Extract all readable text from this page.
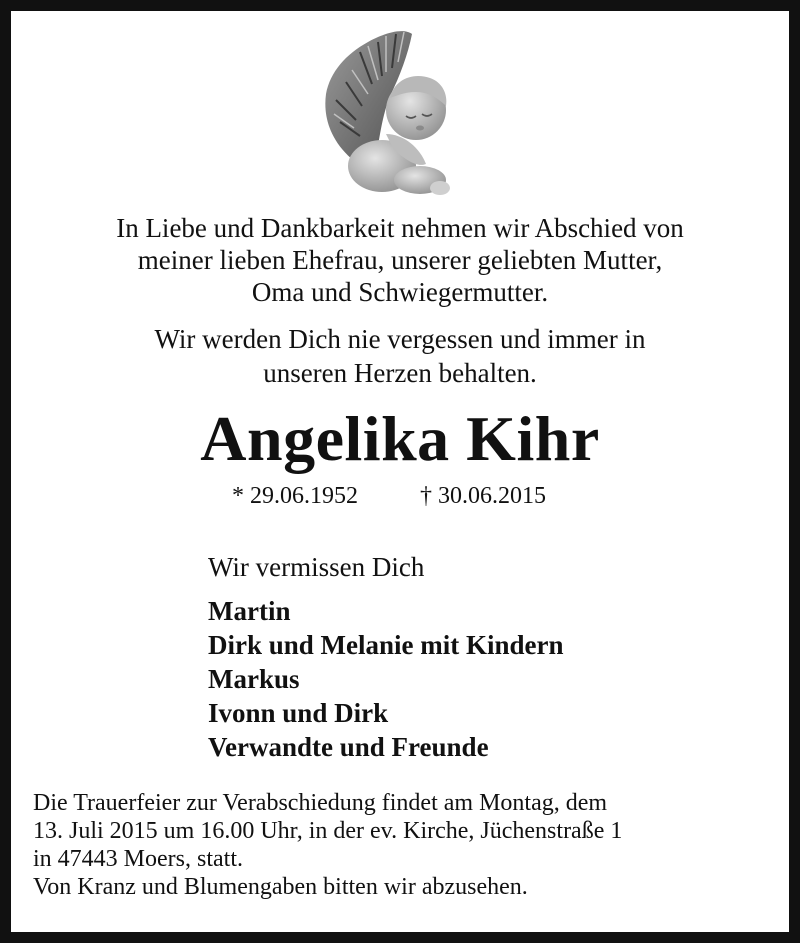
In Liebe und Dankbarkeit nehmen wir Abschied von
meiner lieben Ehefrau, unserer geliebten Mutter,
Oma und Schwiegermutter.
Wir werden Dich nie vergessen und immer in
unseren Herzen behalten.
Angelika Kihr
* 29.06.1952	† 30.06.2015
Wir vermissen Dich
Martin
Dirk und Melanie mit Kindern
Markus
Ivonn und Dirk
Verwandte und Freunde
Die Trauerfeier zur Verabschiedung findet am Montag, dem
13. Juli 2015 um 16.00 Uhr, in der ev. Kirche, Jüchenstraße 1
in 47443 Moers, statt.
Von Kranz und Blumengaben bitten wir abzusehen.
